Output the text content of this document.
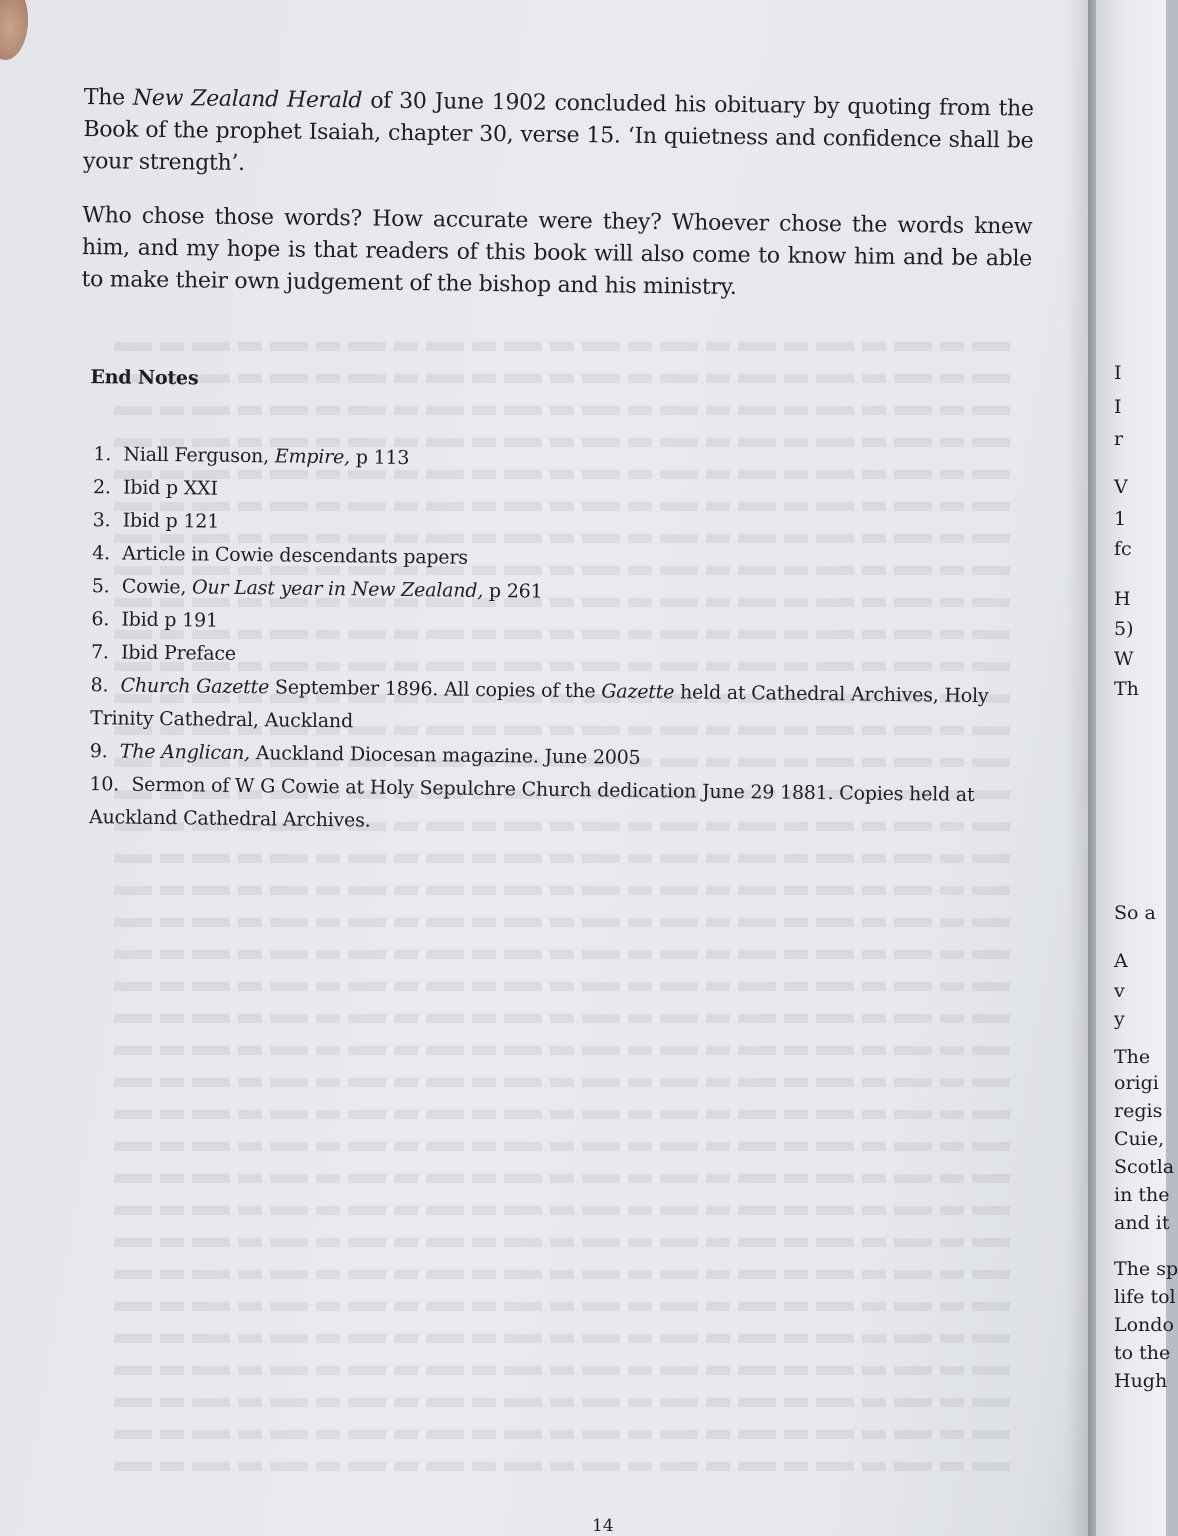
The New Zealand Herald of 30 June 1902 concluded his obituary by quoting from the Book of the prophet Isaiah, chapter 30, verse 15. ‘In quietness and confidence shall be your strength’.

Who chose those words? How accurate were they? Whoever chose the words knew him, and my hope is that readers of this book will also come to know him and be able to make their own judgement of the bishop and his ministry.

End Notes
1. Niall Ferguson, Empire, p 113
2. Ibid p XXI
3. Ibid p 121
4. Article in Cowie descendants papers
5. Cowie, Our Last year in New Zealand, p 261
6. Ibid p 191
7. Ibid Preface
8. Church Gazette September 1896. All copies of the Gazette held at Cathedral Archives, Holy Trinity Cathedral, Auckland
9. The Anglican, Auckland Diocesan magazine. June 2005
10. Sermon of W G Cowie at Holy Sepulchre Church dedication June 29 1881. Copies held at Auckland Cathedral Archives.
14
I
I
r
V
1
fc
H
5)
W
Th
So a
A
v
y
The
origi
regis
Cuie,
Scotla
in the
and it
The sp
life tol
Londo
to the
Hugh
